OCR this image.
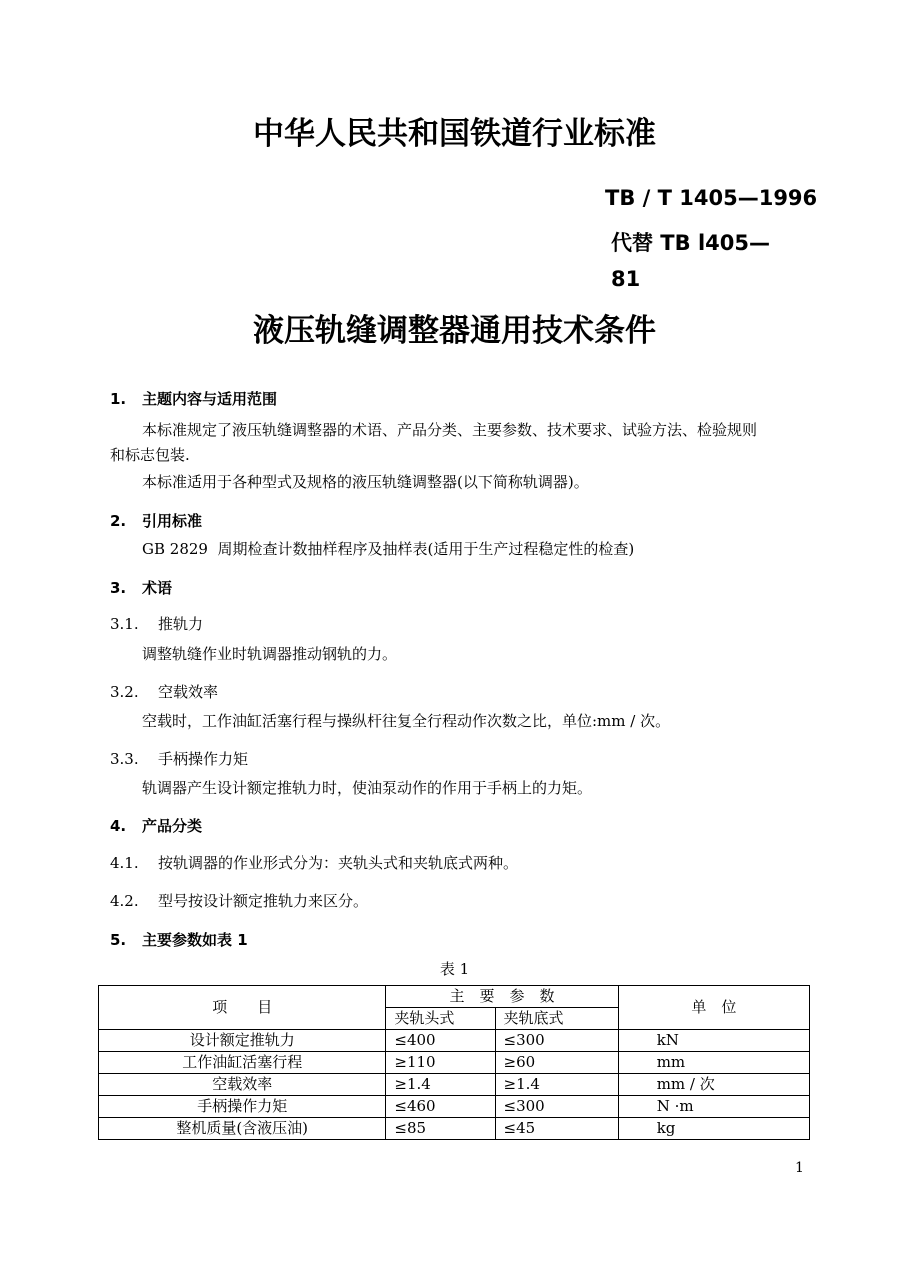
中华人民共和国铁道行业标准
TB / T 1405—1996
代替 TB l405—
81
液压轨缝调整器通用技术条件
1. 主题内容与适用范围
本标准规定了液压轨缝调整器的术语、产品分类、主要参数、技术要求、试验方法、检验规则
和标志包装.
本标准适用于各种型式及规格的液压轨缝调整器(以下简称轨调器)。
2. 引用标准
GB 2829  周期检查计数抽样程序及抽样表(适用于生产过程稳定性的检查)
3. 术语
3.1. 推轨力
调整轨缝作业时轨调器推动钢轨的力。
3.2. 空载效率
空载时，工作油缸活塞行程与操纵杆往复全行程动作次数之比，单位:mm / 次。
3.3. 手柄操作力矩
轨调器产生设计额定推轨力时，使油泵动作的作用于手柄上的力矩。
4. 产品分类
4.1. 按轨调器的作业形式分为：夹轨头式和夹轨底式两种。
4.2. 型号按设计额定推轨力来区分。
5. 主要参数如表 1
表 1
项　　目	主　要　参　数		单　位
	夹轨头式	夹轨底式	
设计额定推轨力	≤400	≤300	kN
工作油缸活塞行程	≥110	≥60	mm
空载效率	≥1.4	≥1.4	mm / 次
手柄操作力矩	≤460	≤300	N ·m
整机质量(含液压油)	≤85	≤45	kg
1
